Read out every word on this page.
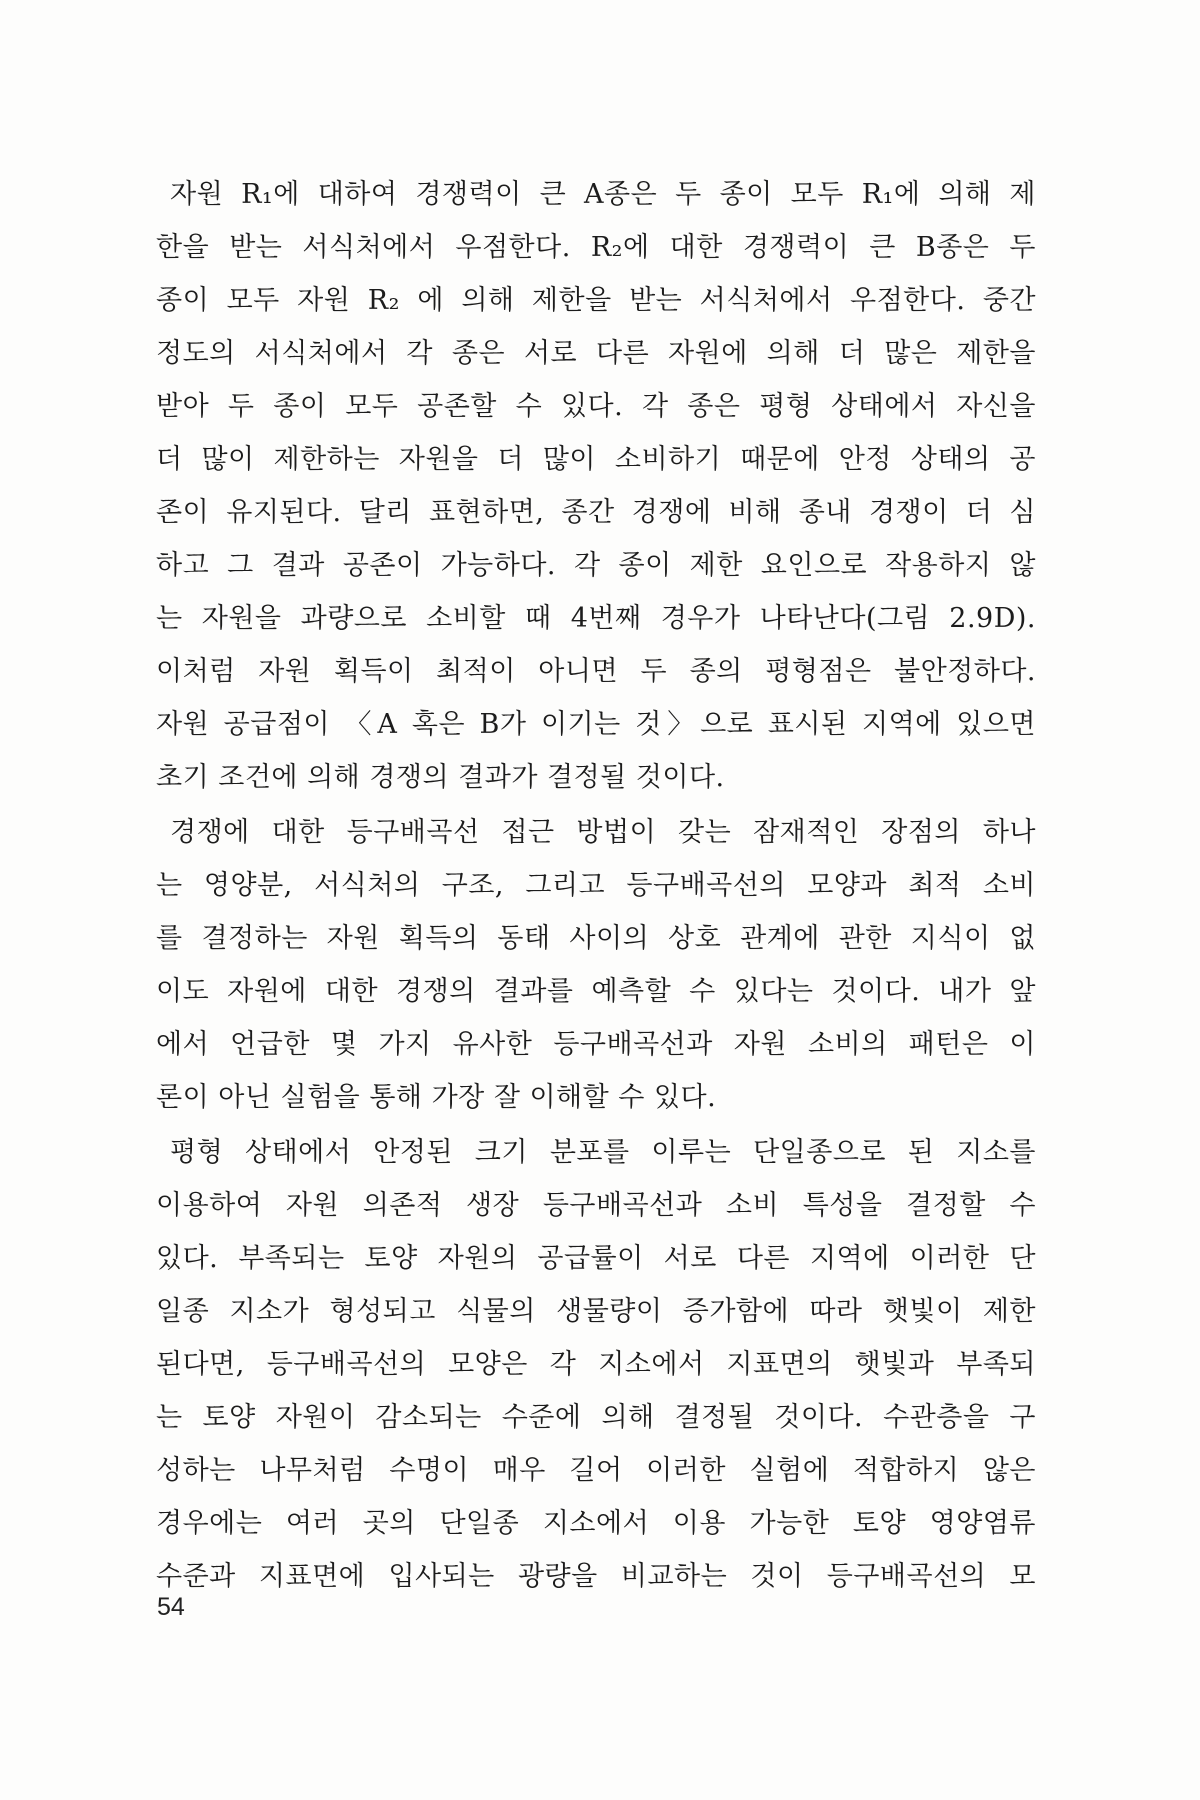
자원 R₁에 대하여 경쟁력이 큰 A종은 두 종이 모두 R₁에 의해 제
한을 받는 서식처에서 우점한다. R₂에 대한 경쟁력이 큰 B종은 두
종이 모두 자원 R₂ 에 의해 제한을 받는 서식처에서 우점한다. 중간
정도의 서식처에서 각 종은 서로 다른 자원에 의해 더 많은 제한을
받아 두 종이 모두 공존할 수 있다. 각 종은 평형 상태에서 자신을
더 많이 제한하는 자원을 더 많이 소비하기 때문에 안정 상태의 공
존이 유지된다. 달리 표현하면, 종간 경쟁에 비해 종내 경쟁이 더 심
하고 그 결과 공존이 가능하다. 각 종이 제한 요인으로 작용하지 않
는 자원을 과량으로 소비할 때 4번째 경우가 나타난다(그림 2.9D).
이처럼 자원 획득이 최적이 아니면 두 종의 평형점은 불안정하다.
자원 공급점이 〈A 혹은 B가 이기는 것〉으로 표시된 지역에 있으면
초기 조건에 의해 경쟁의 결과가 결정될 것이다.
경쟁에 대한 등구배곡선 접근 방법이 갖는 잠재적인 장점의 하나
는 영양분, 서식처의 구조, 그리고 등구배곡선의 모양과 최적 소비
를 결정하는 자원 획득의 동태 사이의 상호 관계에 관한 지식이 없
이도 자원에 대한 경쟁의 결과를 예측할 수 있다는 것이다. 내가 앞
에서 언급한 몇 가지 유사한 등구배곡선과 자원 소비의 패턴은 이
론이 아닌 실험을 통해 가장 잘 이해할 수 있다.
평형 상태에서 안정된 크기 분포를 이루는 단일종으로 된 지소를
이용하여 자원 의존적 생장 등구배곡선과 소비 특성을 결정할 수
있다. 부족되는 토양 자원의 공급률이 서로 다른 지역에 이러한 단
일종 지소가 형성되고 식물의 생물량이 증가함에 따라 햇빛이 제한
된다면, 등구배곡선의 모양은 각 지소에서 지표면의 햇빛과 부족되
는 토양 자원이 감소되는 수준에 의해 결정될 것이다. 수관층을 구
성하는 나무처럼 수명이 매우 길어 이러한 실험에 적합하지 않은
경우에는 여러 곳의 단일종 지소에서 이용 가능한 토양 영양염류
수준과 지표면에 입사되는 광량을 비교하는 것이 등구배곡선의 모
54
